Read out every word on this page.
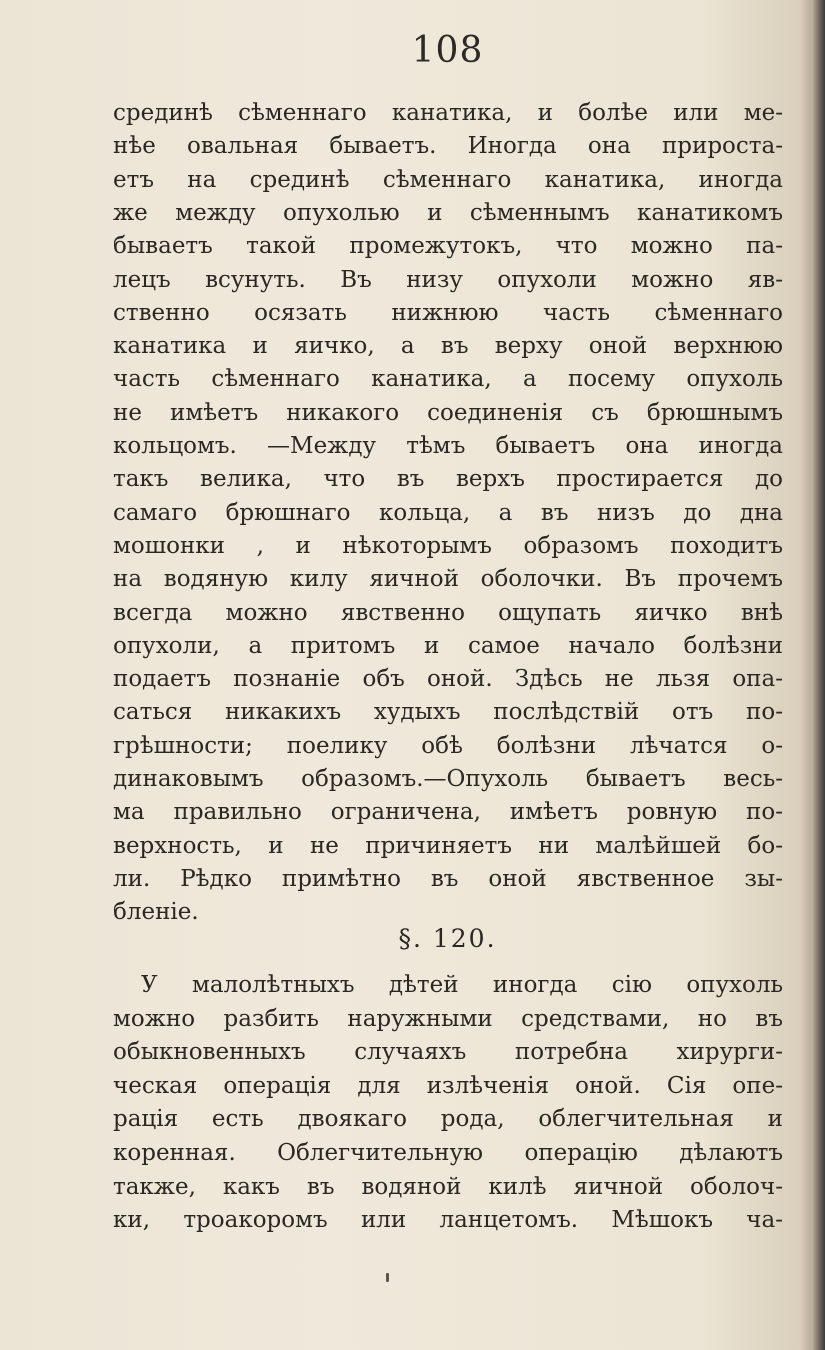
108
срединѣ сѣменнаго канатика, и болѣе или ме-
нѣе овальная бываетъ. Иногда она прироста-
етъ на срединѣ сѣменнаго канатика, иногда
же между опухолью и сѣменнымъ канатикомъ
бываетъ такой промежутокъ, что можно па-
лецъ всунуть. Въ низу опухоли можно яв-
ственно осязать нижнюю часть сѣменнаго
канатика и яичко, а въ верху оной верхнюю
часть сѣменнаго канатика, а посему опухоль
не имѣетъ никакого соединенія съ брюшнымъ
кольцомъ. —Между тѣмъ бываетъ она иногда
такъ велика, что въ верхъ простирается до
самаго брюшнаго кольца, а въ низъ до дна
мошонки , и нѣкоторымъ образомъ походитъ
на водяную килу яичной оболочки. Въ прочемъ
всегда можно явственно ощупать яичко внѣ
опухоли, а притомъ и самое начало болѣзни
подаетъ познаніе объ оной. Здѣсь не льзя опа-
саться никакихъ худыхъ послѣдствій отъ по-
грѣшности; поелику обѣ болѣзни лѣчатся о-
динаковымъ образомъ.—Опухоль бываетъ весь-
ма правильно ограничена, имѣетъ ровную по-
верхность, и не причиняетъ ни малѣйшей бо-
ли. Рѣдко примѣтно въ оной явственное зы-
бленіе.
§. 120.
У малолѣтныхъ дѣтей иногда сію опухоль
можно разбить наружными средствами, но въ
обыкновенныхъ случаяхъ потребна хирурги-
ческая операція для излѣченія оной. Сія опе-
рація есть двоякаго рода, облегчительная и
коренная. Облегчительную операцію дѣлаютъ
также, какъ въ водяной килѣ яичной оболоч-
ки, троакоромъ или ланцетомъ. Мѣшокъ ча-
